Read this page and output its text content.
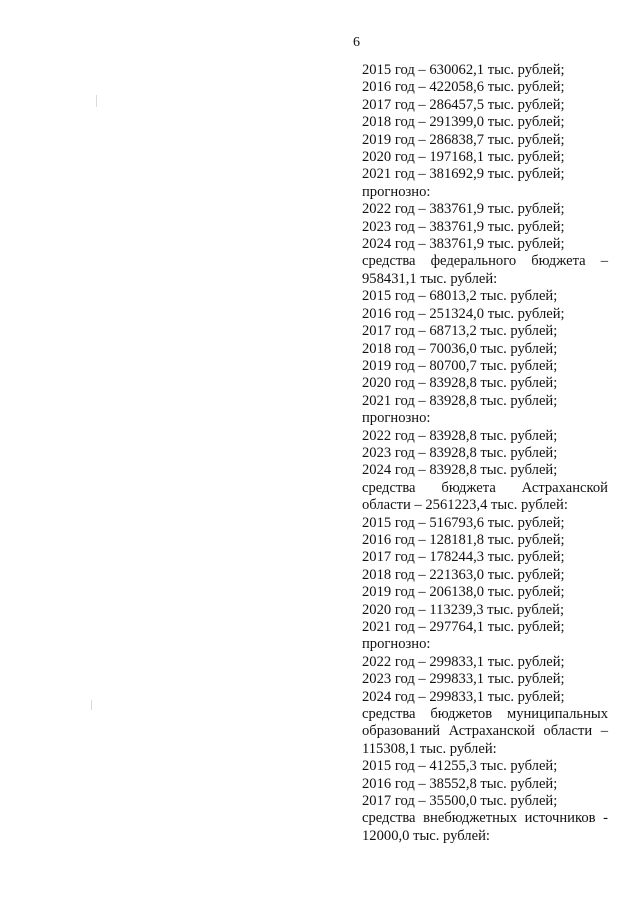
6
2015 год – 630062,1 тыс. рублей;
2016 год – 422058,6 тыс. рублей;
2017 год – 286457,5 тыс. рублей;
2018 год – 291399,0 тыс. рублей;
2019 год – 286838,7 тыс. рублей;
2020 год – 197168,1 тыс. рублей;
2021 год – 381692,9 тыс. рублей;
прогнозно:
2022 год – 383761,9 тыс. рублей;
2023 год – 383761,9 тыс. рублей;
2024 год – 383761,9 тыс. рублей;
средства федерального бюджета – 958431,1 тыс. рублей:
2015 год – 68013,2 тыс. рублей;
2016 год – 251324,0 тыс. рублей;
2017 год – 68713,2 тыс. рублей;
2018 год – 70036,0 тыс. рублей;
2019 год – 80700,7 тыс. рублей;
2020 год – 83928,8 тыс. рублей;
2021 год – 83928,8 тыс. рублей;
прогнозно:
2022 год – 83928,8 тыс. рублей;
2023 год – 83928,8 тыс. рублей;
2024 год – 83928,8 тыс. рублей;
средства бюджета Астраханской области – 2561223,4 тыс. рублей:
2015 год – 516793,6 тыс. рублей;
2016 год – 128181,8 тыс. рублей;
2017 год – 178244,3 тыс. рублей;
2018 год – 221363,0 тыс. рублей;
2019 год – 206138,0 тыс. рублей;
2020 год – 113239,3 тыс. рублей;
2021 год – 297764,1 тыс. рублей;
прогнозно:
2022 год – 299833,1 тыс. рублей;
2023 год – 299833,1 тыс. рублей;
2024 год – 299833,1 тыс. рублей;
средства бюджетов муниципальных образований Астраханской области – 115308,1 тыс. рублей:
2015 год – 41255,3 тыс. рублей;
2016 год – 38552,8 тыс. рублей;
2017 год – 35500,0 тыс. рублей;
средства внебюджетных источников - 12000,0 тыс. рублей:
